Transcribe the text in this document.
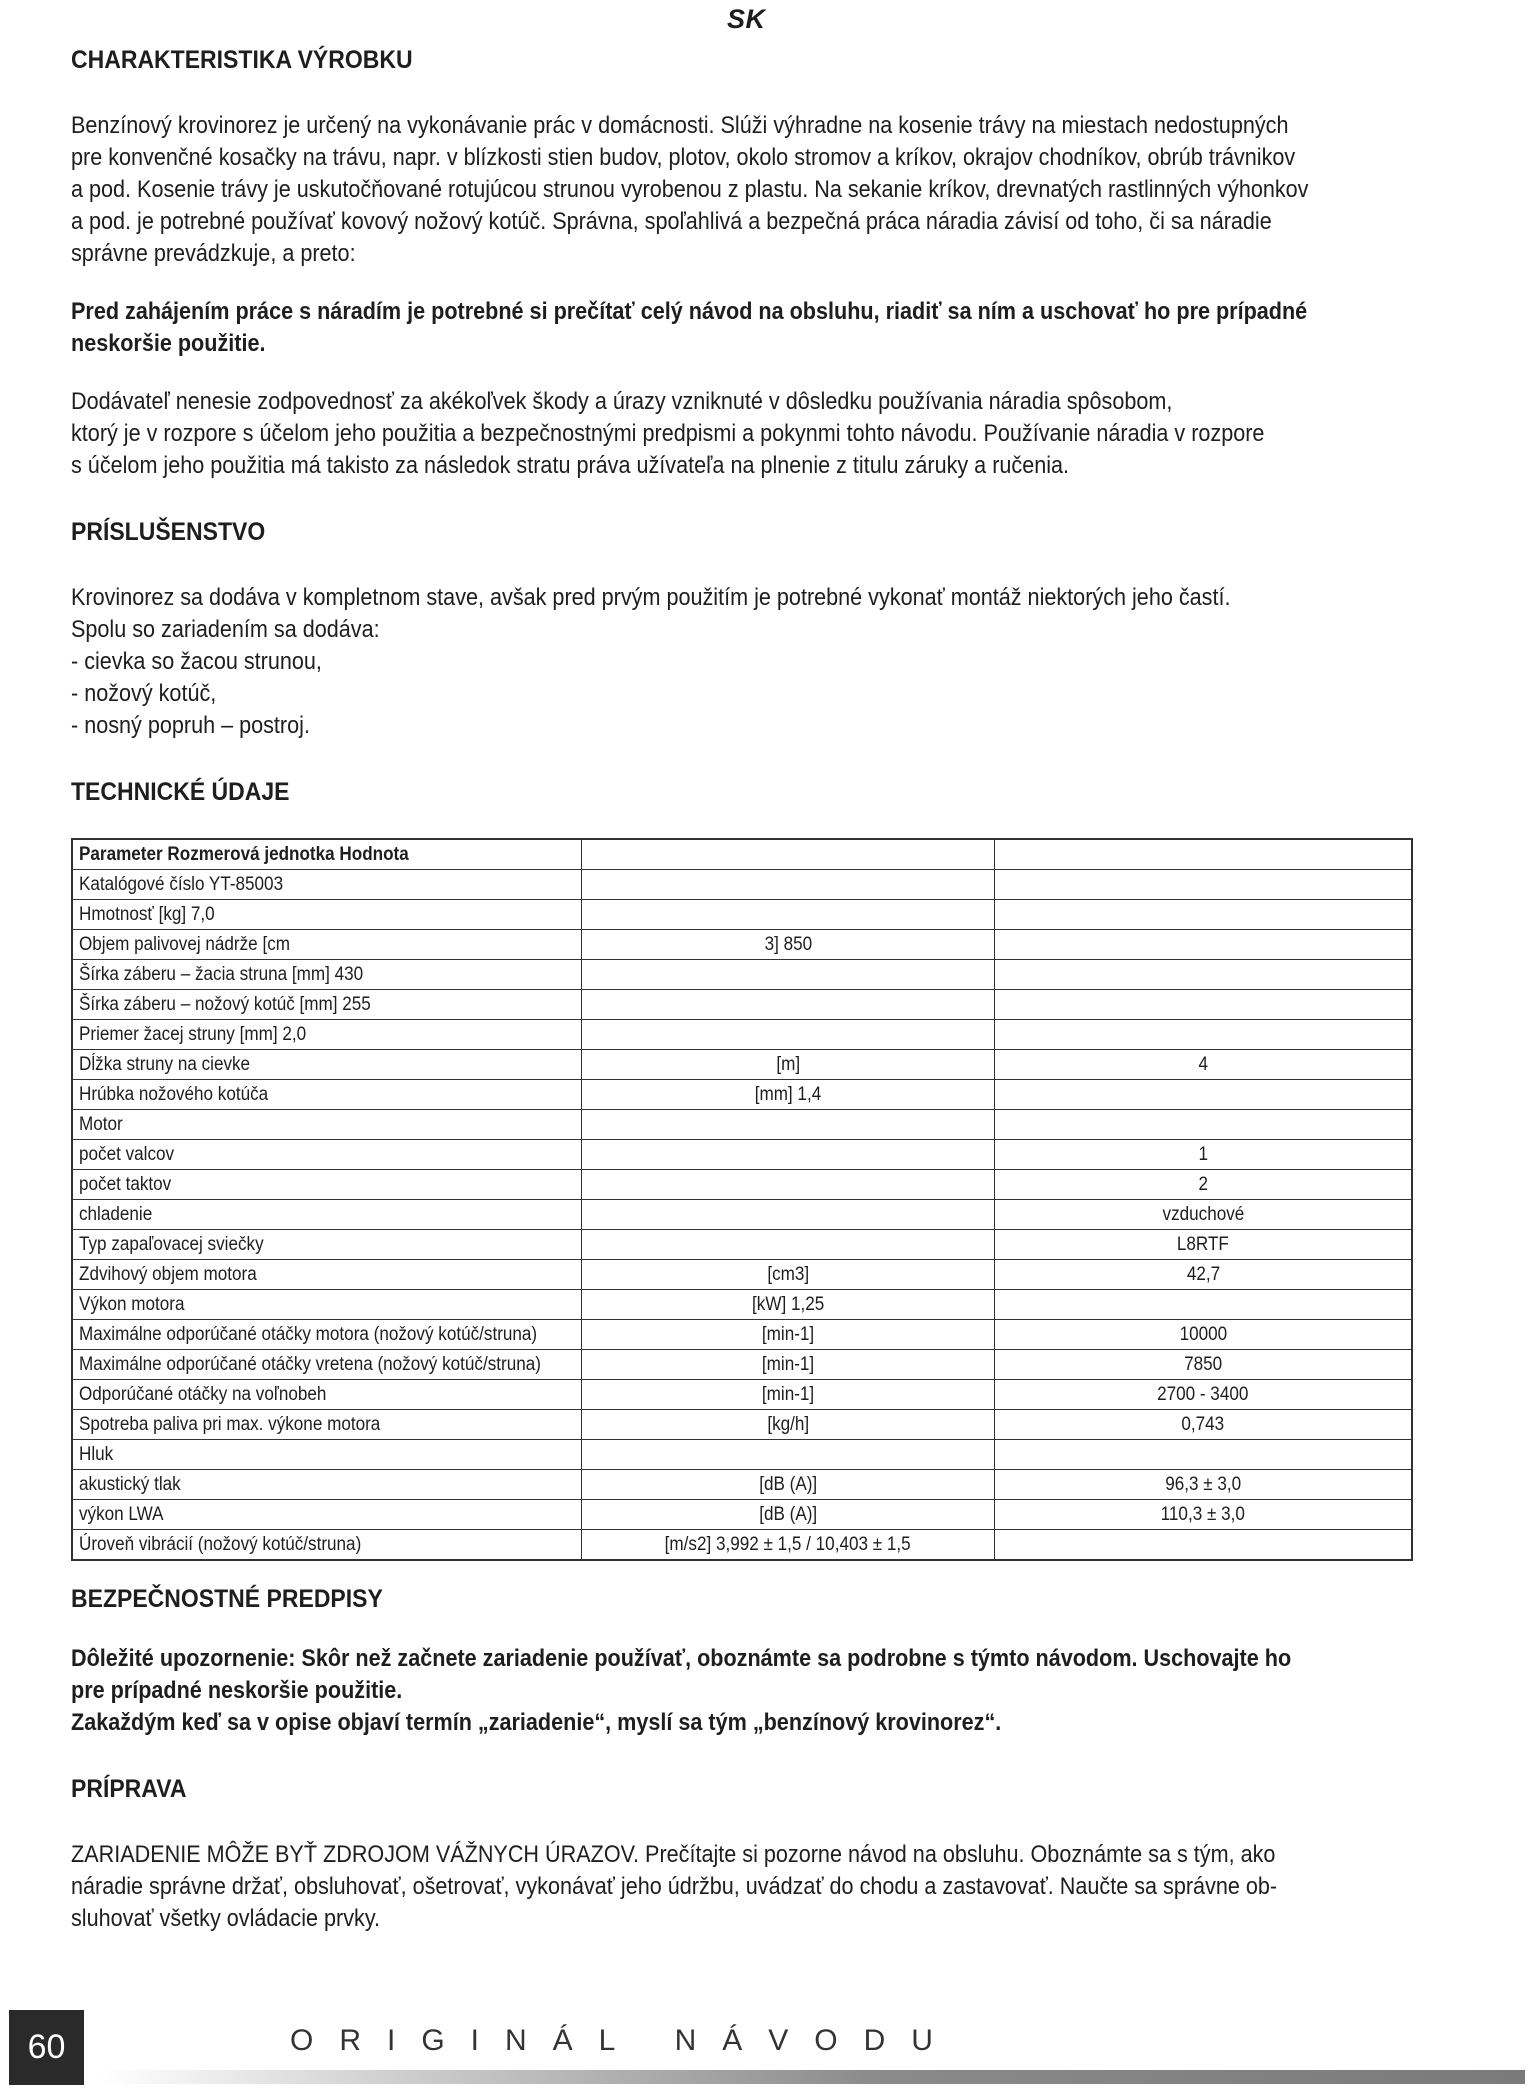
SK
CHARAKTERISTIKA VÝROBKU

Benzínový krovinorez je určený na vykonávanie prác v domácnosti. Slúži výhradne na kosenie trávy na miestach nedostupných
pre konvenčné kosačky na trávu, napr. v blízkosti stien budov, plotov, okolo stromov a kríkov, okrajov chodníkov, obrúb trávnikov
a pod. Kosenie trávy je uskutočňované rotujúcou strunou vyrobenou z plastu. Na sekanie kríkov, drevnatých rastlinných výhonkov
a pod. je potrebné používať kovový nožový kotúč. Správna, spoľahlivá a bezpečná práca náradia závisí od toho, či sa náradie
správne prevádzkuje, a preto:

Pred zahájením práce s náradím je potrebné si prečítať celý návod na obsluhu, riadiť sa ním a uschovať ho pre prípadné
neskoršie použitie.

Dodávateľ nenesie zodpovednosť za akékoľvek škody a úrazy vzniknuté v dôsledku používania náradia spôsobom,
ktorý je v rozpore s účelom jeho použitia a bezpečnostnými predpismi a pokynmi tohto návodu. Používanie náradia v rozpore
s účelom jeho použitia má takisto za následok stratu práva užívateľa na plnenie z titulu záruky a ručenia.

PRÍSLUŠENSTVO

Krovinorez sa dodáva v kompletnom stave, avšak pred prvým použitím je potrebné vykonať montáž niektorých jeho častí.
Spolu so zariadením sa dodáva:
- cievka so žacou strunou,
- nožový kotúč,
- nosný popruh – postroj.

TECHNICKÉ ÚDAJE
Parameter Rozmerová jednotka Hodnota		
Katalógové číslo YT-85003		
Hmotnosť [kg] 7,0		
Objem palivovej nádrže [cm	3] 850	
Šírka záberu – žacia struna [mm] 430		
Šírka záberu – nožový kotúč [mm] 255		
Priemer žacej struny [mm] 2,0		
Dĺžka struny na cievke	[m]	4
Hrúbka nožového kotúča	[mm] 1,4	
Motor		
počet valcov		1
počet taktov		2
chladenie		vzduchové
Typ zapaľovacej sviečky		L8RTF
Zdvihový objem motora	[cm3]	42,7
Výkon motora	[kW] 1,25	
Maximálne odporúčané otáčky motora (nožový kotúč/struna)	[min-1]	10000
Maximálne odporúčané otáčky vretena (nožový kotúč/struna)	[min-1]	7850
Odporúčané otáčky na voľnobeh	[min-1]	2700 - 3400
Spotreba paliva pri max. výkone motora	[kg/h]	0,743
Hluk		
akustický tlak	[dB (A)]	96,3 ± 3,0
výkon LWA	[dB (A)]	110,3 ± 3,0
Úroveň vibrácií (nožový kotúč/struna)	[m/s2] 3,992 ± 1,5 / 10,403 ± 1,5	
BEZPEČNOSTNÉ PREDPISY

Dôležité upozornenie: Skôr než začnete zariadenie používať, oboznámte sa podrobne s týmto návodom. Uschovajte ho
pre prípadné neskoršie použitie.
Zakaždým keď sa v opise objaví termín „zariadenie“, myslí sa tým „benzínový krovinorez“.

PRÍPRAVA

ZARIADENIE MÔŽE BYŤ ZDROJOM VÁŽNYCH ÚRAZOV. Prečítajte si pozorne návod na obsluhu. Oboznámte sa s tým, ako
náradie správne držať, obsluhovať, ošetrovať, vykonávať jeho údržbu, uvádzať do chodu a zastavovať. Naučte sa správne ob-
sluhovať všetky ovládacie prvky.

60	ORIGINÁL NÁVODU
